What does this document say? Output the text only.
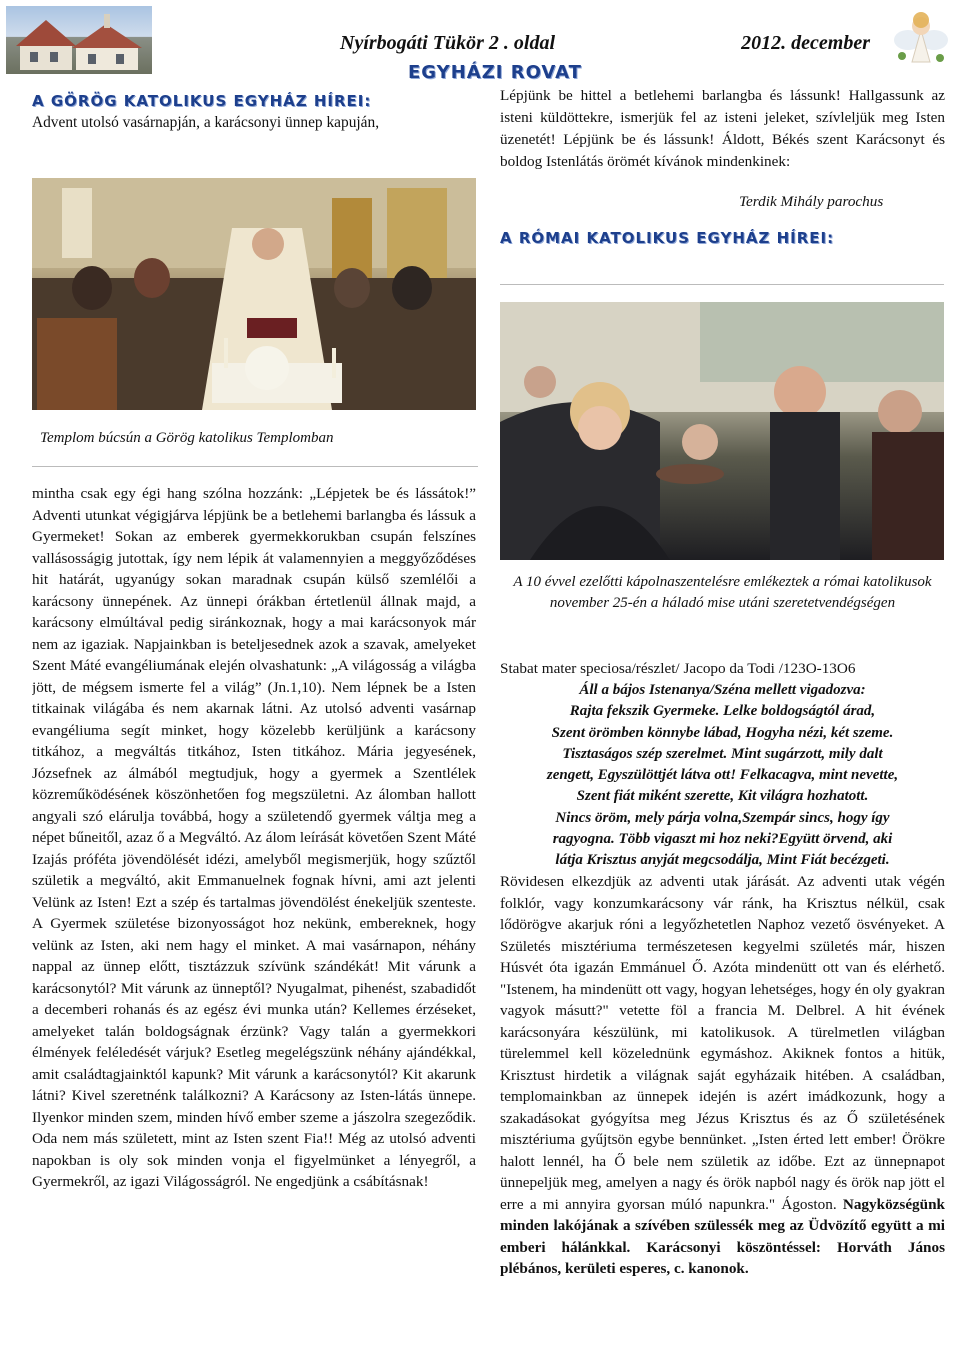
Nyírbogáti Tükör 2 . oldal	2012. december
EGYHÁZI ROVAT
A GÖRÖG KATOLIKUS EGYHÁZ HÍREI:
Advent utolsó vasárnapján, a karácsonyi ünnep kapuján,
Templom búcsún a Görög katolikus Templomban
mintha csak egy égi hang szólna hozzánk: „Lépjetek be és lássátok!” Adventi utunkat végigjárva lépjünk be a betlehemi barlangba és lássuk a Gyermeket! Sokan az emberek gyermekkorukban csupán felszínes vallásosságig jutottak, így nem lépik át valamennyien a meggyőződéses hit határát, ugyanúgy sokan maradnak csupán külső szemlélői a karácsony ünnepének. Az ünnepi órákban értetlenül állnak majd, a karácsony elmúltával pedig siránkoznak, hogy a mai karácsonyok már nem az igaziak. Napjainkban is beteljesednek azok a szavak, amelyeket Szent Máté evangéliumának elején olvashatunk: „A világosság a világba jött, de mégsem ismerte fel a világ” (Jn.1,10). Nem lépnek be a Isten titkainak világába és nem akarnak látni. Az utolsó adventi vasárnap evangéliuma segít minket, hogy közelebb kerüljünk a karácsony titkához, a megváltás titkához, Isten titkához. Mária jegyesének, Józsefnek az álmából megtudjuk, hogy a gyermek a Szentlélek közreműködésének köszönhetően fog megszületni. Az álomban hallott angyali szó elárulja továbbá, hogy a születendő gyermek váltja meg a népet bűneitől, azaz ő a Megváltó. Az álom leírását követően Szent Máté Izajás próféta jövendölését idézi, amelyből megismerjük, hogy szűztől születik a megváltó, akit Emmanuelnek fognak hívni, ami azt jelenti Velünk az Isten! Ezt a szép és tartalmas jövendölést énekeljük szenteste. A Gyermek születése bizonyosságot hoz nekünk, embereknek, hogy velünk az Isten, aki nem hagy el minket. A mai vasárnapon, néhány nappal az ünnep előtt, tisztázzuk szívünk szándékát! Mit várunk a karácsonytól? Mit várunk az ünneptől? Nyugalmat, pihenést, szabadidőt a decemberi rohanás és az egész évi munka után? Kellemes érzéseket, amelyeket talán boldogságnak érzünk? Vagy talán a gyermekkori élmények feléledését várjuk? Esetleg megelégszünk néhány ajándékkal, amit családtagjainktól kapunk? Mit várunk a karácsonytól? Kit akarunk látni? Kivel szeretnénk találkozni? A Karácsony az Isten-látás ünnepe. Ilyenkor minden szem, minden hívő ember szeme a jászolra szegeződik. Oda nem más született, mint az Isten szent Fia!! Még az utolsó adventi napokban is oly sok minden vonja el figyelmünket a lényegről, a Gyermekről, az igazi Világosságról. Ne engedjünk a csábításnak!
Lépjünk be hittel a betlehemi barlangba és lássunk! Hallgassunk az isteni küldöttekre, ismerjük fel az isteni jeleket, szívleljük meg Isten üzenetét! Lépjünk be és lássunk! Áldott, Békés szent Karácsonyt és boldog Istenlátás örömét kívánok mindenkinek:
Terdik Mihály parochus
A RÓMAI KATOLIKUS EGYHÁZ HÍREI:
A 10 évvel ezelőtti kápolnaszentelésre emlékeztek a római katolikusok november 25-én a háladó mise utáni szeretetvendégségen
Stabat mater speciosa/részlet/ Jacopo da Todi /123O-13O6
Áll a bájos Istenanya/Széna mellett vigadozva:
Rajta fekszik Gyermeke. Lelke boldogságtól árad,
Szent örömben könnybe lábad, Hogyha nézi, két szeme.
Tisztaságos szép szerelmet. Mint sugárzott, mily dalt
zengett, Egyszülöttjét látva ott! Felkacagva, mint nevette,
Szent fiát miként szerette, Kit világra hozhatott.
Nincs öröm, mely párja volna,Szempár sincs, hogy így
ragyogna. Több vigaszt mi hoz neki?Együtt örvend, aki
látja Krisztus anyját megcsodálja, Mint Fiát becézgeti.
Rövidesen elkezdjük az adventi utak járását. Az adventi utak végén folklór, vagy konzumkarácsony vár ránk, ha Krisztus nélkül, csak lődörögve akarjuk róni a legyőzhetetlen Naphoz vezető ösvényeket. A Születés misztériuma természetesen kegyelmi születés már, hiszen Húsvét óta igazán Emmánuel Ő. Azóta mindenütt ott van és elérhető. "Istenem, ha mindenütt ott vagy, hogyan lehetséges, hogy én oly gyakran vagyok másutt?" vetette föl a francia M. Delbrel. A hit évének karácsonyára készülünk, mi katolikusok. A türelmetlen világban türelemmel kell közelednünk egymáshoz. Akiknek fontos a hitük, Krisztust hirdetik a világnak saját egyházaik hitében. A családban, templomainkban az ünnepek idején is azért imádkozunk, hogy a szakadásokat gyógyítsa meg Jézus Krisztus és az Ő születésének misztériuma gyűjtsön egybe bennünket. „Isten érted lett ember! Örökre halott lennél, ha Ő bele nem születik az időbe. Ezt az ünnepnapot ünnepeljük meg, amelyen a nagy és örök napból nagy és örök nap jött el erre a mi annyira gyorsan múló napunkra." Ágoston. Nagyközségünk minden lakójának a szívében szülessék meg az Üdvözítő együtt a mi emberi hálánkkal. Karácsonyi köszöntéssel: Horváth János plébános, kerületi esperes, c. kanonok.
